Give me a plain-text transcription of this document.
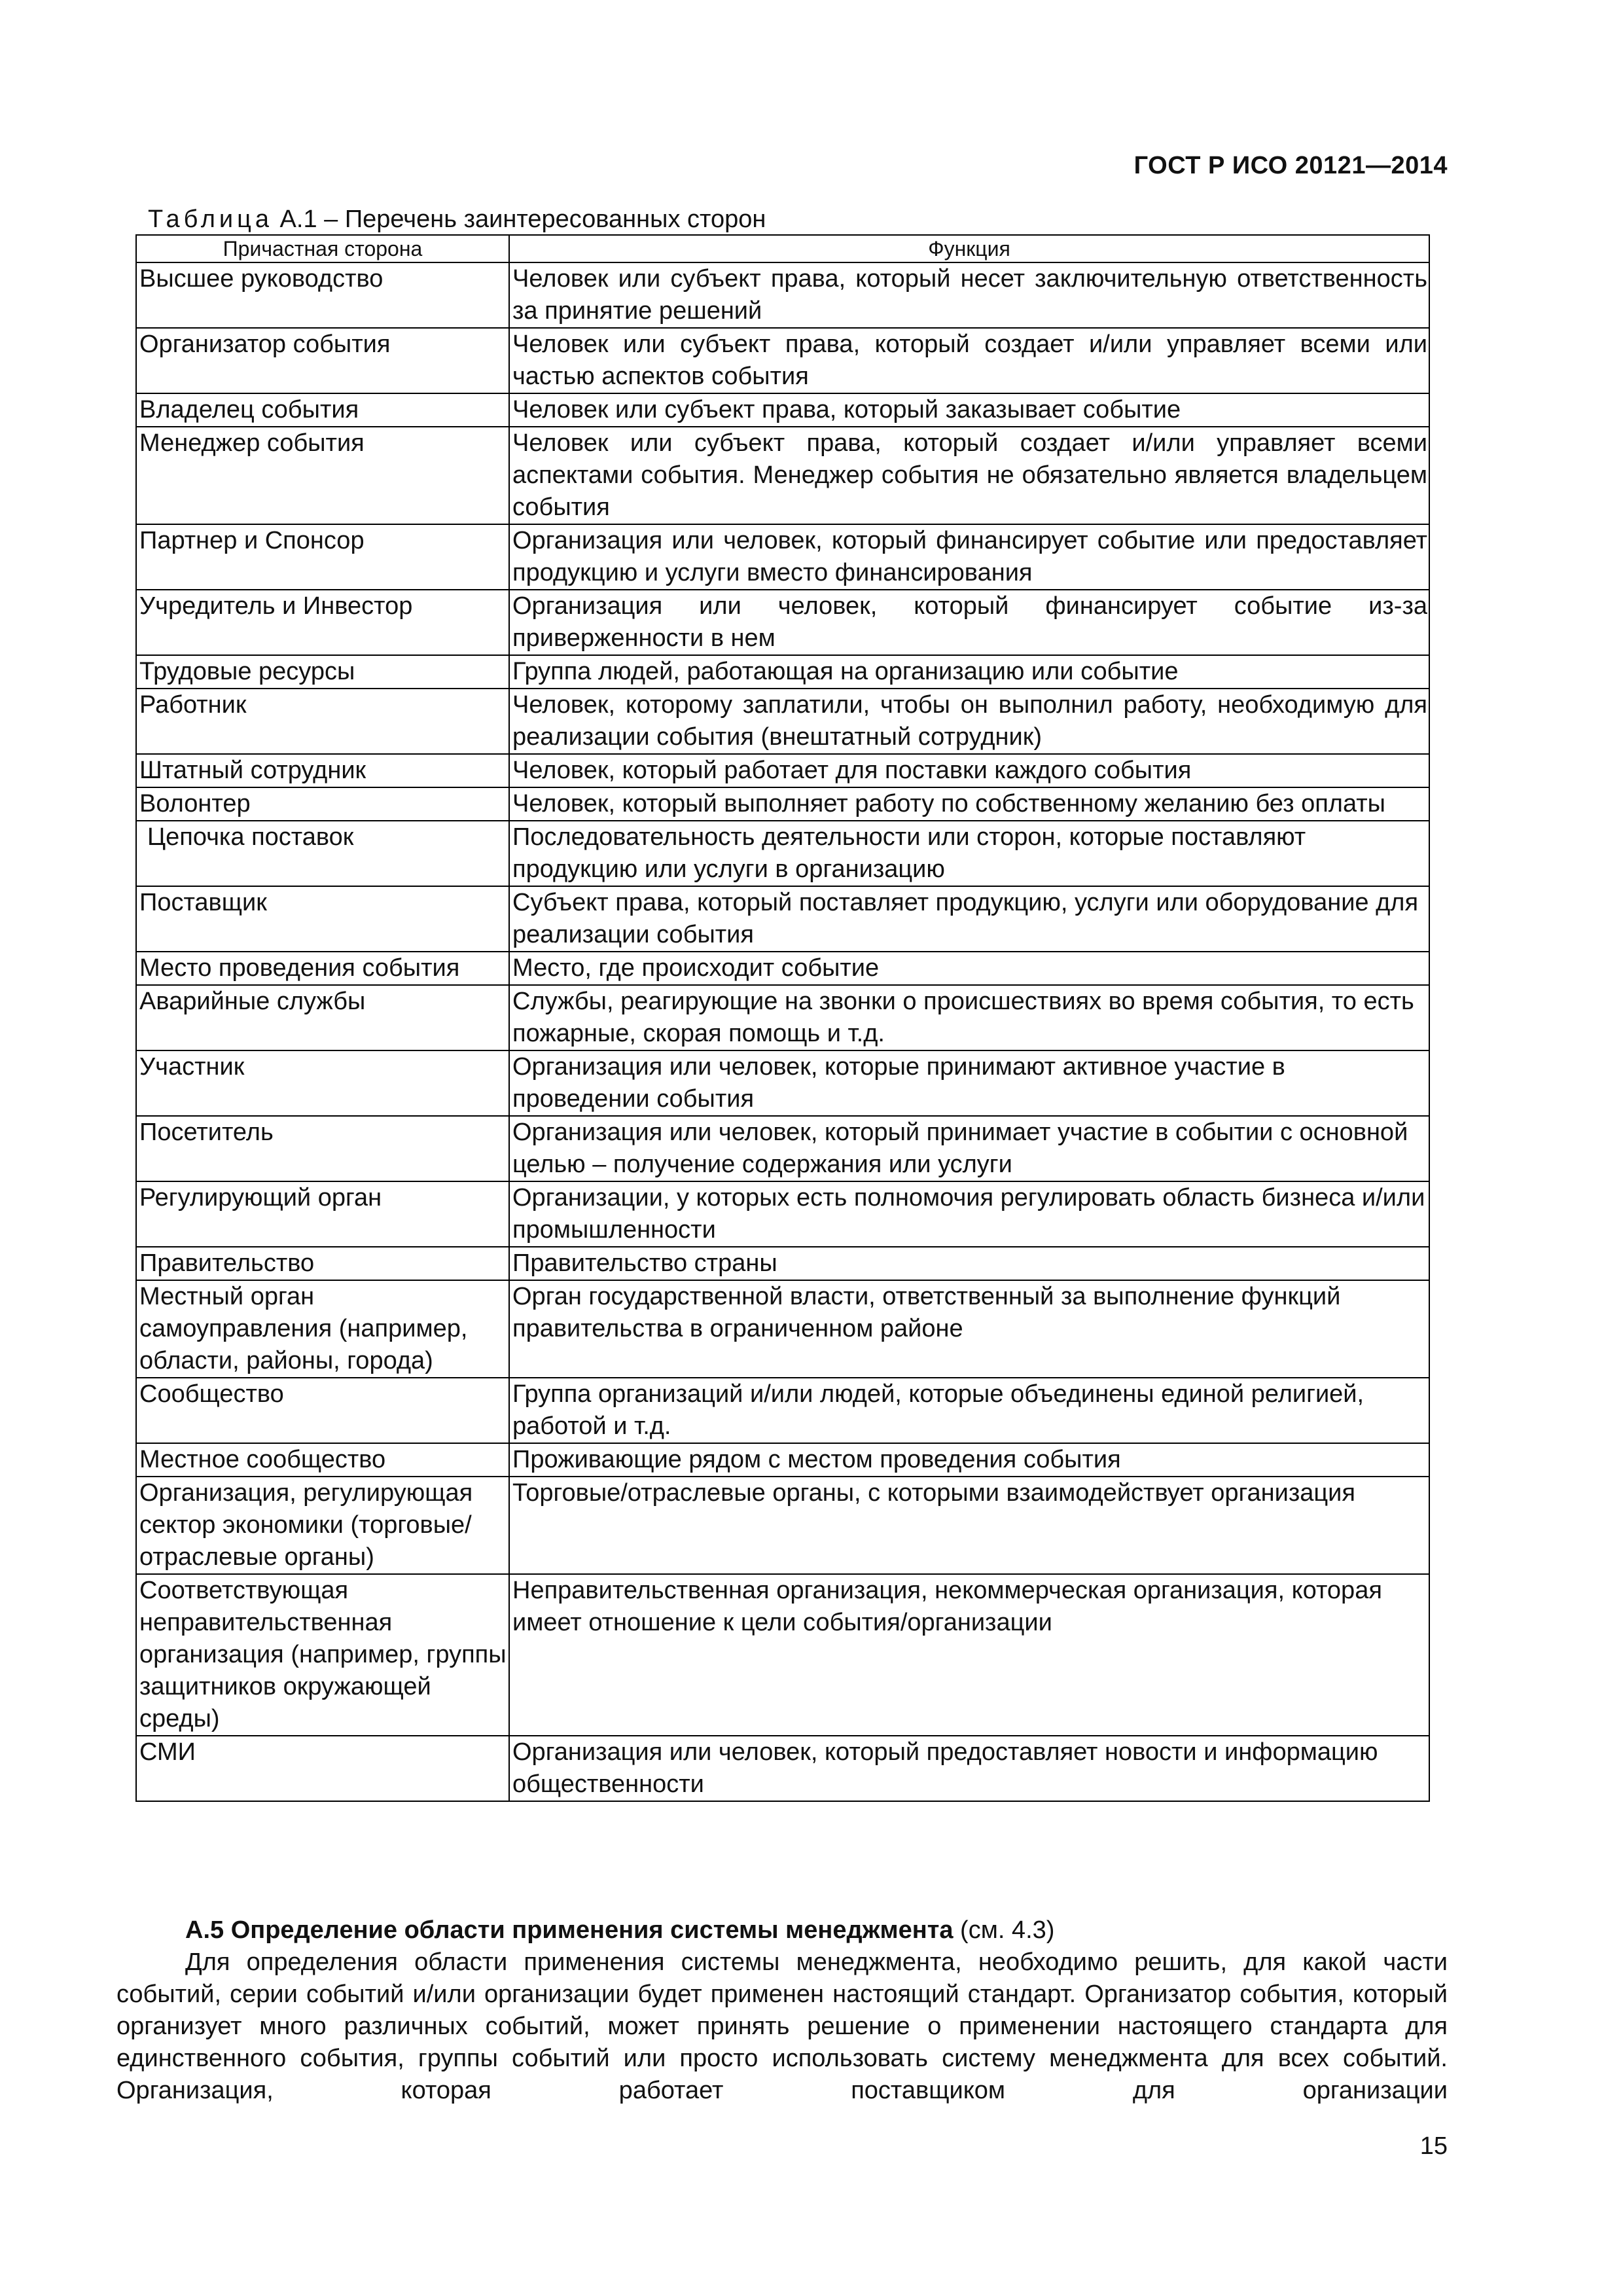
ГОСТ Р ИСО 20121—2014
Таблица А.1 – Перечень заинтересованных сторон
Причастная сторона	Функция
Высшее руководство	Человек или субъект права, который несет заключительную ответственность за принятие решений
Организатор события	Человек или субъект права, который создает и/или управляет всеми или частью аспектов события
Владелец события	Человек или субъект права, который заказывает событие
Менеджер события	Человек или субъект права, который создает и/или управляет всеми аспектами события. Менеджер события не обязательно является владельцем события
Партнер и Спонсор	Организация или человек, который финансирует событие или предоставляет продукцию и услуги вместо финансирования
Учредитель и Инвестор	Организация или человек, который финансирует событие из-за приверженности в нем
Трудовые ресурсы	Группа людей, работающая на организацию или событие
Работник	Человек, которому заплатили, чтобы он выполнил работу, необходимую для реализации события (внештатный сотрудник)
Штатный сотрудник	Человек, который работает для поставки каждого события
Волонтер	Человек, который выполняет работу по собственному желанию без оплаты
Цепочка поставок	Последовательность деятельности или сторон, которые поставляют продукцию или услуги в организацию
Поставщик	Субъект права, который поставляет продукцию, услуги или оборудование для реализации события
Место проведения события	Место, где происходит событие
Аварийные службы	Службы, реагирующие на звонки о происшествиях во время события, то есть пожарные, скорая помощь и т.д.
Участник	Организация или человек, которые принимают активное участие в проведении события
Посетитель	Организация или человек, который принимает участие в событии с основной целью – получение содержания или услуги
Регулирующий орган	Организации, у которых есть полномочия регулировать область бизнеса и/или промышленности
Правительство	Правительство страны
Местный орган самоуправления (например, области, районы, города)	Орган государственной власти, ответственный за выполнение функций правительства в ограниченном районе
Сообщество	Группа организаций и/или людей, которые объединены единой религией, работой и т.д.
Местное сообщество	Проживающие рядом с местом проведения события
Организация, регулирующая сектор экономики (торговые/отраслевые органы)	Торговые/отраслевые органы, с которыми взаимодействует организация
Соответствующая неправительственная организация (например, группы защитников окружающей среды)	Неправительственная организация, некоммерческая организация, которая имеет отношение к цели события/организации
СМИ	Организация или человек, который предоставляет новости и информацию общественности
А.5 Определение области применения системы менеджмента (см. 4.3)

Для определения области применения системы менеджмента, необходимо решить, для какой части событий, серии событий и/или организации будет применен настоящий стандарт. Организатор события, который организует много различных событий, может принять решение о применении настоящего стандарта для единственного события, группы событий или просто использовать систему менеджмента для всех событий. Организация, которая работает поставщиком для организации

15
